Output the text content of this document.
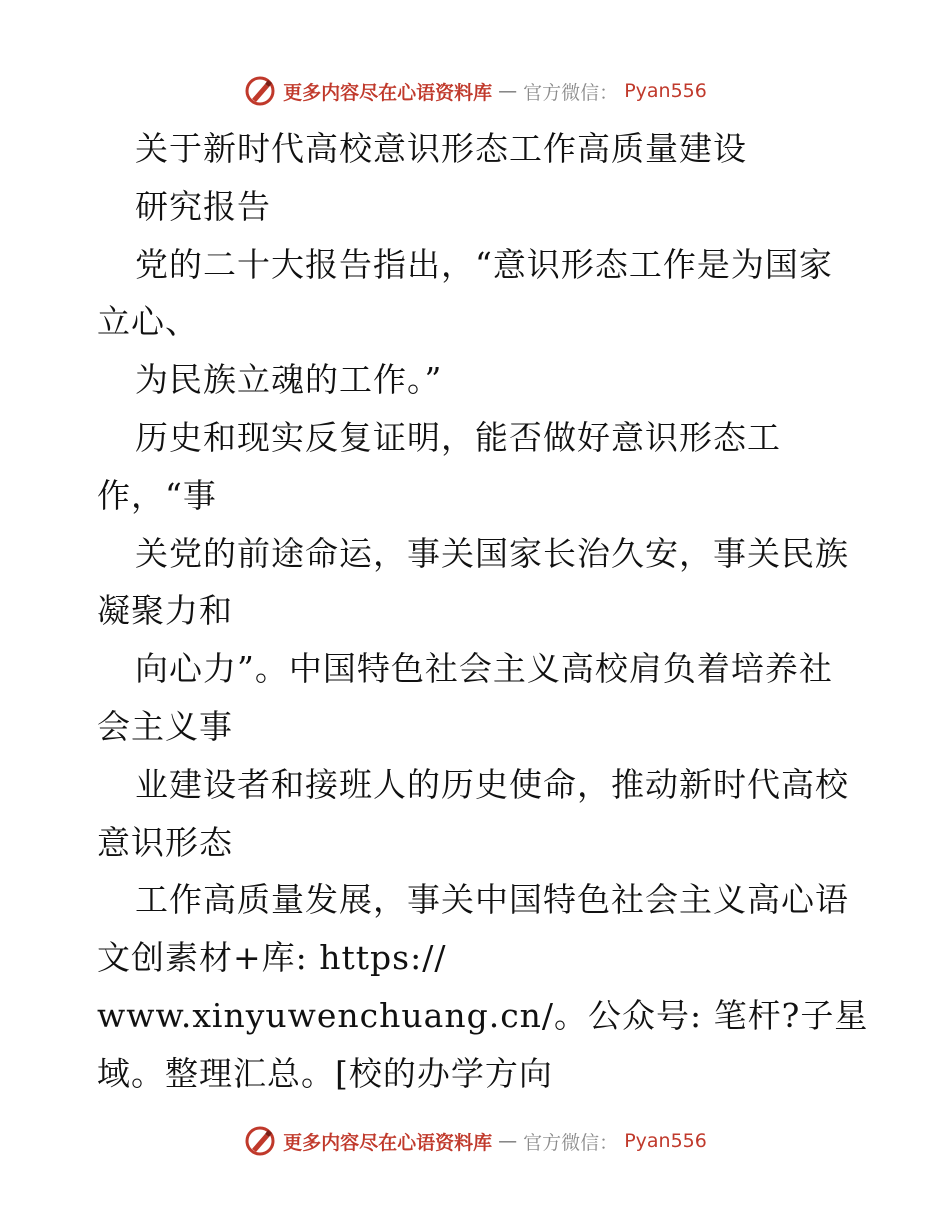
更多内容尽在心语资料库 — 官方微信： Pyan556
关于新时代高校意识形态工作高质量建设
研究报告
党的二十大报告指出，“意识形态工作是为国家
立心、
为民族立魂的工作。”
历史和现实反复证明，能否做好意识形态工
作，“事
关党的前途命运，事关国家长治久安，事关民族
凝聚力和
向心力”。中国特色社会主义高校肩负着培养社
会主义事
业建设者和接班人的历史使命，推动新时代高校
意识形态
工作高质量发展，事关中国特色社会主义高心语
文创素材+库: https://
www.xinyuwenchuang.cn/。公众号: 笔杆?子星
域。整理汇总。[校的办学方向
更多内容尽在心语资料库 — 官方微信： Pyan556
